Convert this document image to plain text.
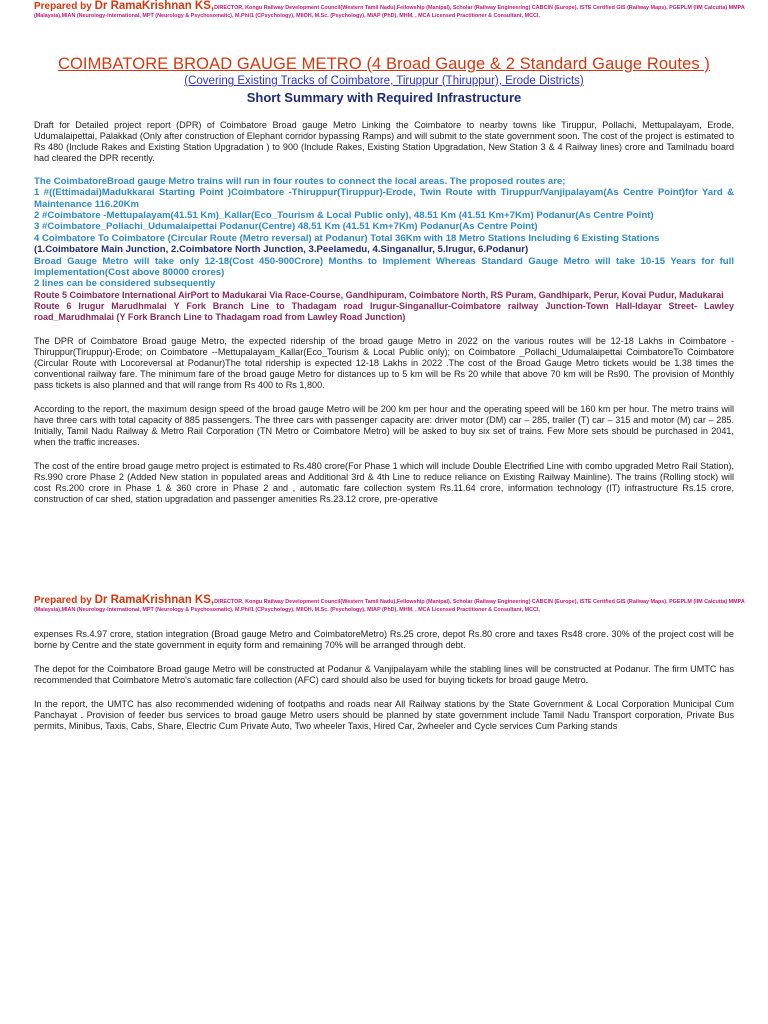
Prepared by Dr RamaKrishnan KS,DIRECTOR, Kongu Railway Development Council(Western Tamil Nadu),Fellowship (Manipal), Scholar (Railway Engineering) CABCIN (Europe), ISTE Certified GIS (Railway Maps), PGEPLM (IIM Calcutta) MMPA (Malaysia),MIAN (Neurology-International, MPT (Neurology & Psychosomatic), M.Phil1 (CPsychology), MIIOH, M.Sc. (Psychology), MIAP (PhD), MHM, , MCA Licensed Practitioner & Consultant, MCCI,
COIMBATORE BROAD GAUGE METRO (4 Broad Gauge & 2 Standard Gauge Routes )
(Covering Existing Tracks of Coimbatore, Tiruppur (Thiruppur), Erode Districts)
Short Summary with Required Infrastructure

Draft for Detailed project report (DPR) of Coimbatore Broad gauge Metro Linking the Coimbatore to nearby towns like Tiruppur, Pollachi, Mettupalayam, Erode, Udumalaipettai, Palakkad (Only after construction of Elephant corridor bypassing Ramps) and will submit to the state government soon. The cost of the project is estimated to Rs 480 (Include Rakes and Existing Station Upgradation ) to 900 (Include Rakes, Existing Station Upgradation, New Station 3 & 4 Railway lines) crore and Tamilnadu board had cleared the DPR recently.

The CoimbatoreBroad gauge Metro trains will run in four routes to connect the local areas. The proposed routes are;
1 #((Ettimadai)Madukkarai Starting Point )Coimbatore -Thiruppur(Tiruppur)-Erode, Twin Route with Tiruppur/Vanjipalayam(As Centre Point)for Yard & Maintenance 116.20Km
2 #Coimbatore -Mettupalayam(41.51 Km)_Kallar(Eco_Tourism & Local Public only), 48.51 Km (41.51 Km+7Km) Podanur(As Centre Point)
3 #Coimbatore_Pollachi_Udumalaipettai Podanur(Centre) 48.51 Km (41.51 Km+7Km) Podanur(As Centre Point)
4 Coimbatore To Coimbatore (Circular Route (Metro reversal) at Podanur) Total 36Km with 18 Metro Stations Including 6 Existing Stations
(1.Coimbatore Main Junction, 2.Coimbatore North Junction, 3.Peelamedu, 4.Singanallur, 5.Irugur, 6.Podanur)
Broad Gauge Metro will take only 12-18(Cost 450-900Crore) Months to Implement Whereas Standard Gauge Metro will take 10-15 Years for full implementation(Cost above 80000 crores)
2 lines can be considered subsequently
Route 5 Coimbatore International AirPort to Madukarai Via Race-Course, Gandhipuram, Coimbatore North, RS Puram, Gandhipark, Perur, Kovai Pudur, Madukarai
Route 6 Irugur Marudhmalai Y Fork Branch Line to Thadagam road Irugur-Singanallur-Coimbatore railway Junction-Town Hall-Idayar Street- Lawley road_Marudhmalai (Y Fork Branch Line to Thadagam road from Lawley Road Junction)

The DPR of Coimbatore Broad gauge Metro, the expected ridership of the broad gauge Metro in 2022 on the various routes will be 12-18 Lakhs in Coimbatore -Thiruppur(Tiruppur)-Erode; on Coimbatore --Mettupalayam_Kallar(Eco_Tourism & Local Public only); on Coimbatore _Pollachi_Udumalaipettai CoimbatoreTo Coimbatore (Circular Route with Locoreversal at Podanur)The total ridership is expected 12-18 Lakhs in 2022 .The cost of the Broad Gauge Metro tickets would be 1.38 times the conventional railway fare. The minimum fare of the broad gauge Metro for distances up to 5 km will be Rs 20 while that above 70 km will be Rs90. The provision of Monthly pass tickets is also planned and that will range from Rs 400 to Rs 1,800.

According to the report, the maximum design speed of the broad gauge Metro will be 200 km per hour and the operating speed will be 160 km per hour. The metro trains will have three cars with total capacity of 885 passengers. The three cars with passenger capacity are: driver motor (DM) car – 285, trailer (T) car – 315 and motor (M) car – 285. Initially, Tamil Nadu Railway & Metro Rail Corporation (TN Metro or Coimbatore Metro) will be asked to buy six set of trains. Few More sets should be purchased in 2041, when the traffic increases.

The cost of the entire broad gauge metro project is estimated to Rs.480 crore(For Phase 1 which will include Double Electrified Line with combo upgraded Metro Rail Station), Rs.990 crore Phase 2 (Added New station in populated areas and Additional 3rd & 4th Line to reduce reliance on Existing Railway Mainline). The trains (Rolling stock) will cost Rs.200 crore in Phase 1 & 360 crore in Phase 2 and , automatic fare collection system Rs.11.64 crore, information technology (IT) infrastructure Rs.15 crore, construction of car shed, station upgradation and passenger amenities Rs.23.12 crore, pre-operative

Prepared by Dr RamaKrishnan KS,DIRECTOR, Kongu Railway Development Council(Western Tamil Nadu),Fellowship (Manipal), Scholar (Railway Engineering) CABCIN (Europe), ISTE Certified GIS (Railway Maps), PGEPLM (IIM Calcutta) MMPA (Malaysia),MIAN (Neurology-International, MPT (Neurology & Psychosomatic), M.Phil1 (CPsychology), MIIOH, M.Sc. (Psychology), MIAP (PhD), MHM, , MCA Licensed Practitioner & Consultant, MCCI,

expenses Rs.4.97 crore, station integration (Broad gauge Metro and CoimbatoreMetro) Rs.25 crore, depot Rs.80 crore and taxes Rs48 crore. 30% of the project cost will be borne by Centre and the state government in equity form and remaining 70% will be arranged through debt.

The depot for the Coimbatore Broad gauge Metro will be constructed at Podanur & Vanjipalayam while the stabling lines will be constructed at Podanur. The firm UMTC has recommended that Coimbatore Metro's automatic fare collection (AFC) card should also be used for buying tickets for broad gauge Metro.

In the report, the UMTC has also recommended widening of footpaths and roads near All Railway stations by the State Government & Local Corporation Municipal Cum Panchayat . Provision of feeder bus services to broad gauge Metro users should be planned by state government include Tamil Nadu Transport corporation, Private Bus permits, Minibus, Taxis, Cabs, Share, Electric Cum Private Auto, Two wheeler Taxis, Hired Car, 2wheeler and Cycle services Cum Parking stands
